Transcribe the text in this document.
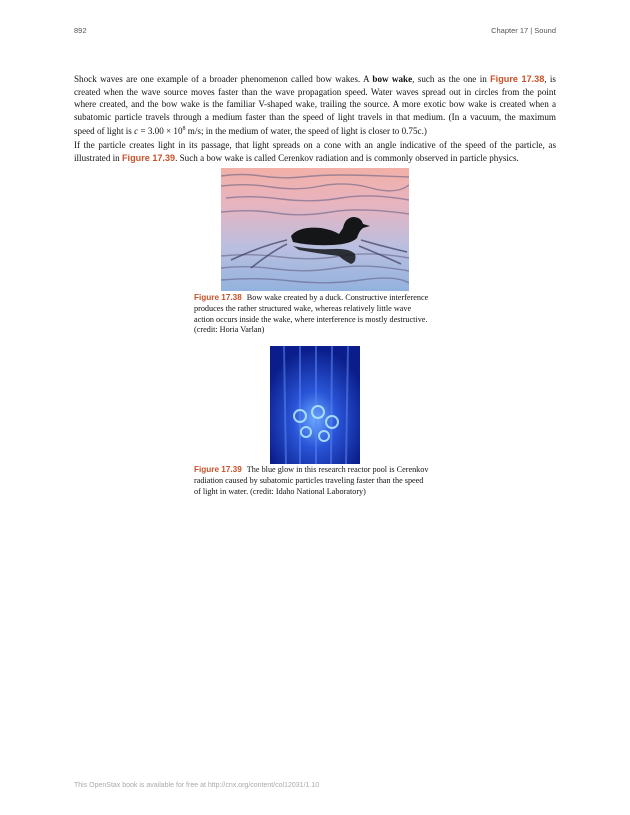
892	Chapter 17 | Sound

Shock waves are one example of a broader phenomenon called bow wakes. A bow wake, such as the one in Figure 17.38, is created when the wave source moves faster than the wave propagation speed. Water waves spread out in circles from the point where created, and the bow wake is the familiar V-shaped wake, trailing the source. A more exotic bow wake is created when a subatomic particle travels through a medium faster than the speed of light travels in that medium. (In a vacuum, the maximum speed of light is $c = 3.00 \times 10^8$ m/s; in the medium of water, the speed of light is closer to 0.75c.)

If the particle creates light in its passage, that light spreads on a cone with an angle indicative of the speed of the particle, as illustrated in Figure 17.39. Such a bow wake is called Cerenkov radiation and is commonly observed in particle physics.

Figure 17.38 Bow wake created by a duck. Constructive interference produces the rather structured wake, whereas relatively little wave action occurs inside the wake, where interference is mostly destructive. (credit: Horia Varlan)

Figure 17.39 The blue glow in this research reactor pool is Cerenkov radiation caused by subatomic particles traveling faster than the speed of light in water. (credit: Idaho National Laboratory)

This OpenStax book is available for free at http://cnx.org/content/col12031/1.10
